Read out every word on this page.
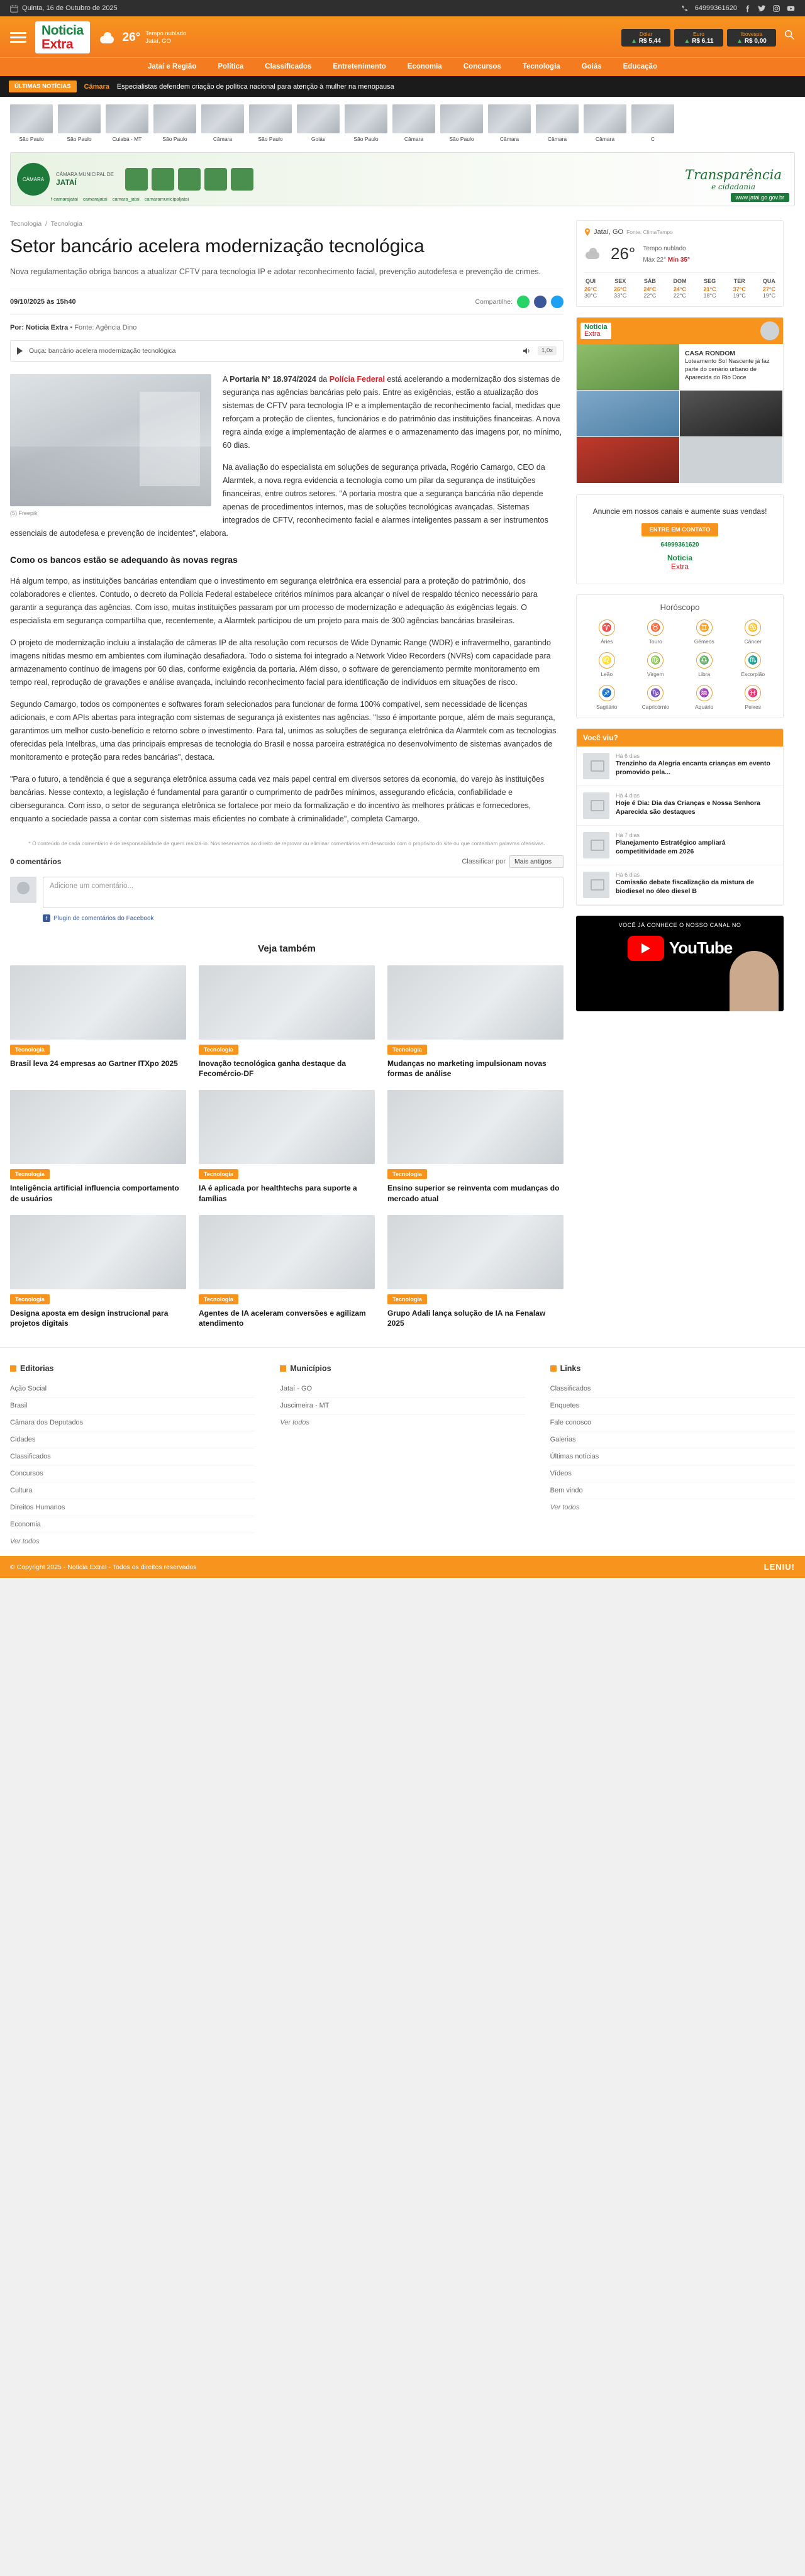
Quinta, 16 de Outubro de 2025	64999361620
Noticia
Extra	26° Tempo nublado
Jataí, GO
Dólar
▲ R$ 5,44
Euro
▲ R$ 6,11
Ibovespa
▲ R$ 0,00
Jataí e Região	Política	Classificados	Entretenimento	Economia	Concursos	Tecnologia	Goiás	Educação
ÚLTIMAS NOTÍCIAS	Câmara Especialistas defendem criação de política nacional para atenção à mulher na menopausa
São Paulo	São Paulo	Cuiabá - MT	São Paulo	Câmara	São Paulo	Goiás	São Paulo	Câmara	São Paulo	Câmara	Câmara	Câmara	C
CÂMARA
CÂMARA MUNICIPAL DE
JATAÍ	Transparência
e cidadania
f camarajatai camarajatai camara_jatai camaramunicipaljatai	www.jatai.go.gov.br
Tecnologia  /  Tecnologia
Setor bancário acelera modernização tecnológica
Nova regulamentação obriga bancos a atualizar CFTV para tecnologia IP e adotar reconhecimento facial, prevenção autodefesa e prevenção de crimes.
09/10/2025 às 15h40	Compartilhe:
Por: Noticia Extra • Fonte: Agência Dino
Ouça: bancário acelera modernização tecnológica	1,0x
(5) Freepik

A Portaria N° 18.974/2024 da Polícia Federal está acelerando a modernização dos sistemas de segurança nas agências bancárias pelo país. Entre as exigências, estão a atualização dos sistemas de CFTV para tecnologia IP e a implementação de reconhecimento facial, medidas que reforçam a proteção de clientes, funcionários e do patrimônio das instituições financeiras. A nova regra ainda exige a implementação de alarmes e o armazenamento das imagens por, no mínimo, 60 dias.

Na avaliação do especialista em soluções de segurança privada, Rogério Camargo, CEO da Alarmtek, a nova regra evidencia a tecnologia como um pilar da segurança de instituições financeiras, entre outros setores. "A portaria mostra que a segurança bancária não depende apenas de procedimentos internos, mas de soluções tecnológicas avançadas. Sistemas integrados de CFTV, reconhecimento facial e alarmes inteligentes passam a ser instrumentos essenciais de autodefesa e prevenção de incidentes", elabora.

Como os bancos estão se adequando às novas regras

Há algum tempo, as instituições bancárias entendiam que o investimento em segurança eletrônica era essencial para a proteção do patrimônio, dos colaboradores e clientes. Contudo, o decreto da Polícia Federal estabelece critérios mínimos para alcançar o nível de respaldo técnico necessário para garantir a segurança das agências. Com isso, muitas instituições passaram por um processo de modernização e adequação às exigências legais. O especialista em segurança compartilha que, recentemente, a Alarmtek participou de um projeto para mais de 300 agências bancárias brasileiras.

O projeto de modernização incluiu a instalação de câmeras IP de alta resolução com recursos de Wide Dynamic Range (WDR) e infravermelho, garantindo imagens nítidas mesmo em ambientes com iluminação desafiadora. Todo o sistema foi integrado a Network Video Recorders (NVRs) com capacidade para armazenamento contínuo de imagens por 60 dias, conforme exigência da portaria. Além disso, o software de gerenciamento permite monitoramento em tempo real, reprodução de gravações e análise avançada, incluindo reconhecimento facial para identificação de indivíduos em situações de risco.

Segundo Camargo, todos os componentes e softwares foram selecionados para funcionar de forma 100% compatível, sem necessidade de licenças adicionais, e com APIs abertas para integração com sistemas de segurança já existentes nas agências. "Isso é importante porque, além de mais segurança, garantimos um melhor custo-benefício e retorno sobre o investimento. Para tal, unimos as soluções de segurança eletrônica da Alarmtek com as tecnologias oferecidas pela Intelbras, uma das principais empresas de tecnologia do Brasil e nossa parceira estratégica no desenvolvimento de sistemas avançados de monitoramento e proteção para redes bancárias", destaca.

"Para o futuro, a tendência é que a segurança eletrônica assuma cada vez mais papel central em diversos setores da economia, do varejo às instituições bancárias. Nesse contexto, a legislação é fundamental para garantir o cumprimento de padrões mínimos, assegurando eficácia, confiabilidade e ciberseguranca. Com isso, o setor de segurança eletrônica se fortalece por meio da formalização e do incentivo às melhores práticas e fornecedores, enquanto a sociedade passa a contar com sistemas mais eficientes no combate à criminalidade", completa Camargo.

* O conteúdo de cada comentário é de responsabilidade de quem realizá-lo. Nos reservamos ao direito de reprovar ou eliminar comentários em desacordo com o propósito do site ou que contenham palavras ofensivas.
0 comentários	Classificar por	Mais antigos
Adicione um comentário...
f Plugin de comentários do Facebook
Veja também
Tecnologia
Brasil leva 24 empresas ao Gartner ITXpo 2025
Tecnologia
Inovação tecnológica ganha destaque da Fecomércio-DF
Tecnologia
Mudanças no marketing impulsionam novas formas de análise
Tecnologia
Inteligência artificial influencia comportamento de usuários
Tecnologia
IA é aplicada por healthtechs para suporte a famílias
Tecnologia
Ensino superior se reinventa com mudanças do mercado atual
Tecnologia
Designa aposta em design instrucional para projetos digitais
Tecnologia
Agentes de IA aceleram conversões e agilizam atendimento
Tecnologia
Grupo Adali lança solução de IA na Fenalaw 2025
Jataí, GO Fonte: ClimaTempo
26° Tempo nublado
Máx 22° Mín 35°
QUI
26°C
30°C
SEX
26°C
33°C
SÁB
24°C
22°C
DOM
24°C
22°C
SEG
21°C
18°C
TER
37°C
19°C
QUA
27°C
19°C
Noticia
Extra
CASA RONDOM
Loteamento Sol Nascente já faz parte do cenário urbano de Aparecida do Rio Doce
Anuncie em nossos canais e aumente suas vendas!
ENTRE EM CONTATO
64999361620
Noticia
Extra
Horóscopo
♈
Áries
♉
Touro
♊
Gêmeos
♋
Câncer
♌
Leão
♍
Virgem
♎
Libra
♏
Escorpião
♐
Sagitário
♑
Capricórnio
♒
Aquário
♓
Peixes
Você viu?
Há 6 dias
Trenzinho da Alegria encanta crianças em evento promovido pela...
Há 4 dias
Hoje é Dia: Dia das Crianças e Nossa Senhora Aparecida são destaques
Há 7 dias
Planejamento Estratégico ampliará competitividade em 2026
Há 6 dias
Comissão debate fiscalização da mistura de biodiesel no óleo diesel B
VOCÊ JÁ CONHECE O NOSSO CANAL NO
YouTube
Editorias
Ação Social
Brasil
Câmara dos Deputados
Cidades
Classificados
Concursos
Cultura
Direitos Humanos
Economia
Ver todos
Municípios
Jataí - GO
Juscimeira - MT
Ver todos
Links
Classificados
Enquetes
Fale conosco
Galerias
Últimas notícias
Vídeos
Bem vindo
Ver todos
© Copyright 2025 - Noticia Extra! - Todos os direitos reservados	LENIU!
